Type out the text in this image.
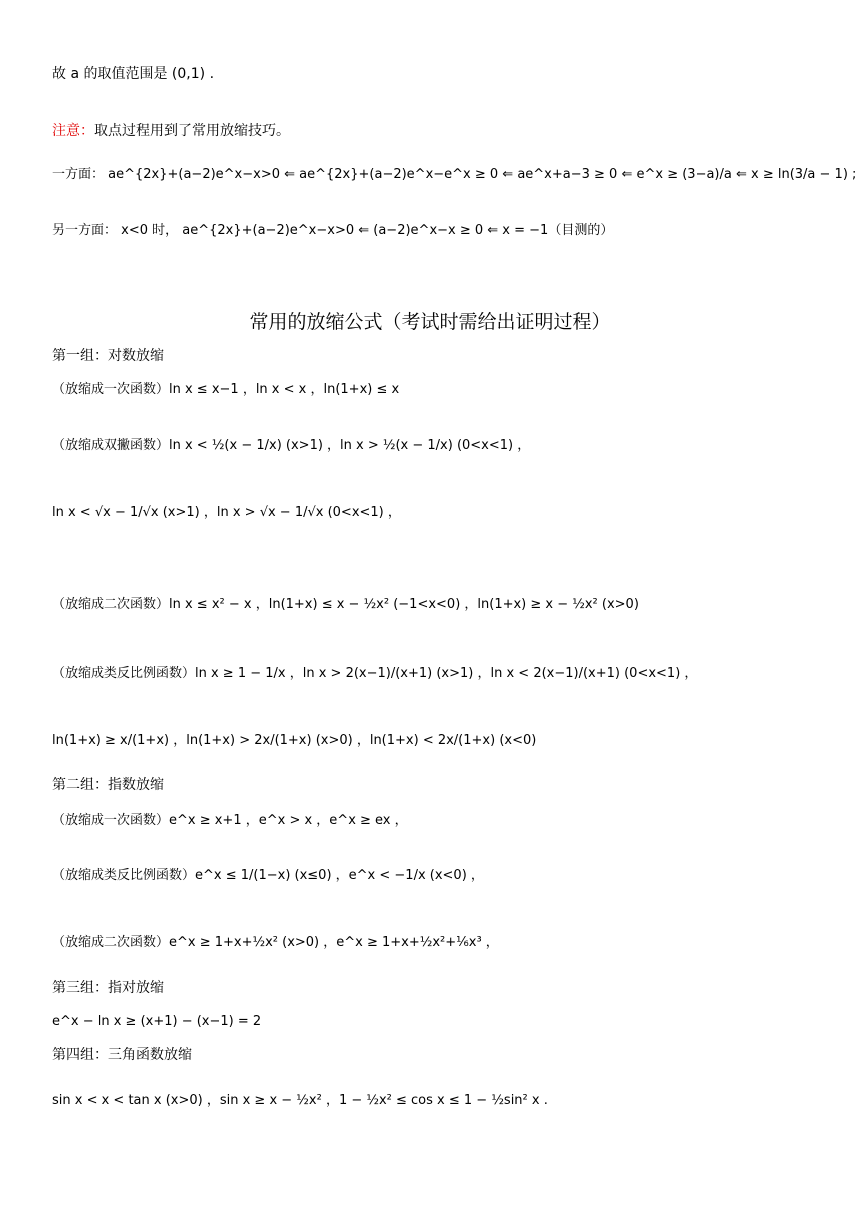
故 a 的取值范围是 (0,1) .
注意：取点过程用到了常用放缩技巧。
一方面： ae^{2x}+(a−2)e^x−x>0 ⇐ ae^{2x}+(a−2)e^x−e^x ≥ 0 ⇐ ae^x+a−3 ≥ 0 ⇐ e^x ≥ (3−a)/a ⇐ x ≥ ln(3/a − 1) ;
另一方面： x<0 时， ae^{2x}+(a−2)e^x−x>0 ⇐ (a−2)e^x−x ≥ 0 ⇐ x = −1（目测的）
常用的放缩公式（考试时需给出证明过程）
第一组：对数放缩
（放缩成一次函数）ln x ≤ x−1 ，ln x < x ，ln(1+x) ≤ x
（放缩成双撇函数）ln x < ½(x − 1/x) (x>1) ，ln x > ½(x − 1/x) (0<x<1) ，
ln x < √x − 1/√x (x>1) ，ln x > √x − 1/√x (0<x<1) ，
（放缩成二次函数）ln x ≤ x² − x ，ln(1+x) ≤ x − ½x² (−1<x<0) ，ln(1+x) ≥ x − ½x² (x>0)
（放缩成类反比例函数）ln x ≥ 1 − 1/x ，ln x > 2(x−1)/(x+1) (x>1) ，ln x < 2(x−1)/(x+1) (0<x<1) ，
ln(1+x) ≥ x/(1+x) ，ln(1+x) > 2x/(1+x) (x>0) ，ln(1+x) < 2x/(1+x) (x<0)
第二组：指数放缩
（放缩成一次函数）e^x ≥ x+1 ，e^x > x ，e^x ≥ ex ，
（放缩成类反比例函数）e^x ≤ 1/(1−x) (x≤0) ，e^x < −1/x (x<0) ，
（放缩成二次函数）e^x ≥ 1+x+½x² (x>0) ，e^x ≥ 1+x+½x²+⅙x³ ，
第三组：指对放缩
e^x − ln x ≥ (x+1) − (x−1) = 2
第四组：三角函数放缩
sin x < x < tan x (x>0) ，sin x ≥ x − ½x² ，1 − ½x² ≤ cos x ≤ 1 − ½sin² x .
